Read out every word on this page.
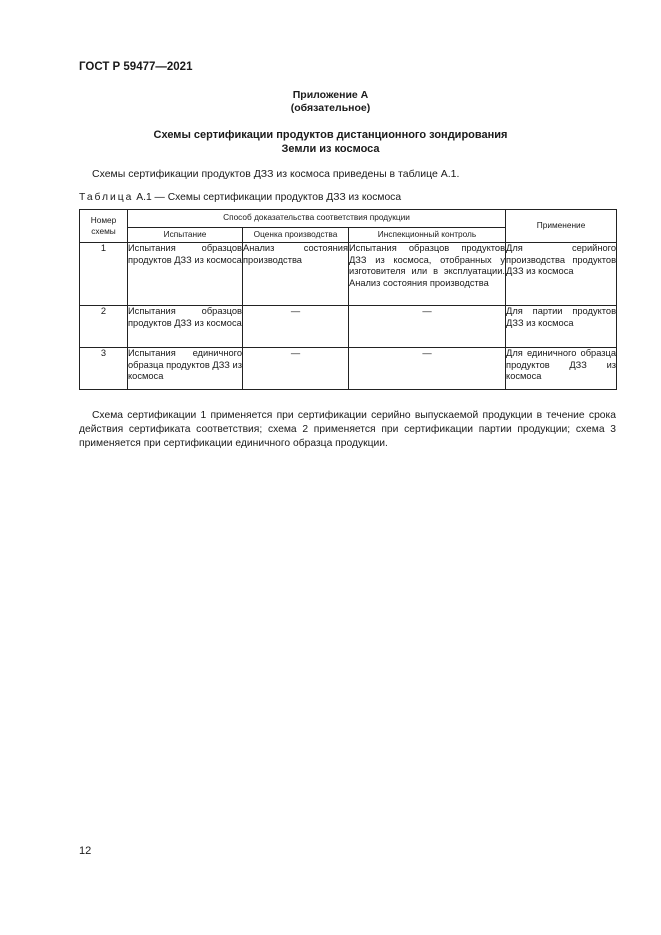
ГОСТ Р 59477—2021
Приложение А
(обязательное)
Схемы сертификации продуктов дистанционного зондирования
Земли из космоса
Схемы сертификации продуктов ДЗЗ из космоса приведены в таблице А.1.
Таблица А.1 — Схемы сертификации продуктов ДЗЗ из космоса
Номер
схемы	Способ доказательства соответствия продукции			Применение
	Испытание	Оценка производства	Инспекционный контроль	
1	Испытания образцов продуктов ДЗЗ из космоса	Анализ состояния производства	Испытания образцов продуктов ДЗЗ из космоса, отобранных у изготовителя или в эксплуатации. Анализ состояния производства	Для серийного производства продуктов ДЗЗ из космоса
2	Испытания образцов продуктов ДЗЗ из космоса	—	—	Для партии продуктов ДЗЗ из космоса
3	Испытания единичного образца продуктов ДЗЗ из космоса	—	—	Для единичного образца продуктов ДЗЗ из космоса
Схема сертификации 1 применяется при сертификации серийно выпускаемой продукции в течение срока действия сертификата соответствия; схема 2 применяется при сертификации партии продукции; схема 3 применяется при сертификации единичного образца продукции.
12
